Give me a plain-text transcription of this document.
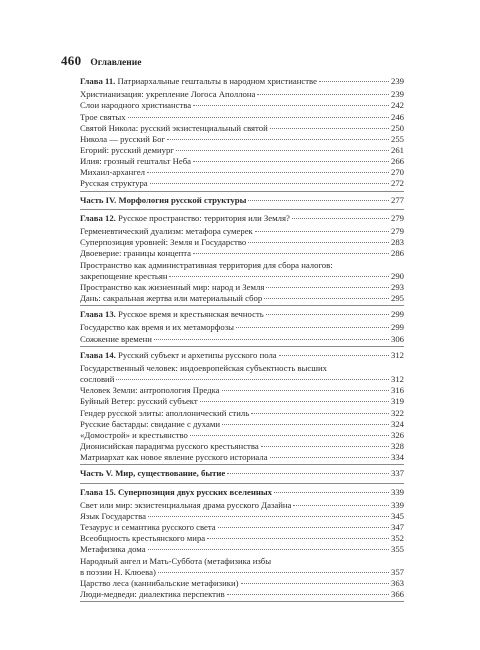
460 Оглавление
Глава 11. Патриархальные гештальты в народном христианстве	239
Христианизация: укрепление Логоса Аполлона	239
Слои народного христианства	242
Трое святых	246
Святой Никола: русский экзистенциальный святой	250
Никола — русский Бог	255
Егорий: русский демиург	261
Илия: грозный гештальт Неба	266
Михаил-архангел	270
Русская структура	272
Часть IV. Морфология русской структуры	277
Глава 12. Русское пространство: территория или Земля?	279
Герменевтический дуализм: метафора сумерек	279
Суперпозиция уровней: Земля и Государство	283
Двоеверие: границы концепта	286
Пространство как административная территория для сбора налогов:
закрепощение крестьян	290
Пространство как жизненный мир: народ и Земля	293
Дань: сакральная жертва или материальный сбор	295
Глава 13. Русское время и крестьянская вечность	299
Государство как время и их метаморфозы	299
Сожжение времени	306
Глава 14. Русский субъект и архетипы русского пола	312
Государственный человек: индоевропейская субъектность высших
сословий	312
Человек Земли: антропология Предка	316
Буйный Ветер: русский субъект	319
Гендер русской элиты: аполлонический стиль	322
Русские бастарды: свидание с духами	324
«Домострой» и крестьянство	326
Дионисийская парадигма русского крестьянства	328
Матриархат как новое явление русского историала	334
Часть V. Мир, существование, бытие	337
Глава 15. Суперпозиция двух русских вселенных	339
Свет или мир: экзистенциальная драма русского Дазайна	339
Язык Государства	345
Тезаурус и семантика русского света	347
Всеобщность крестьянского мира	352
Метафизика дома	355
Народный ангел и Мать-Суббота (метафизика избы
в поэзии Н. Клюева)	357
Царство леса (каннибальские метафизики)	363
Люди-медведи: диалектика перспектив	366
